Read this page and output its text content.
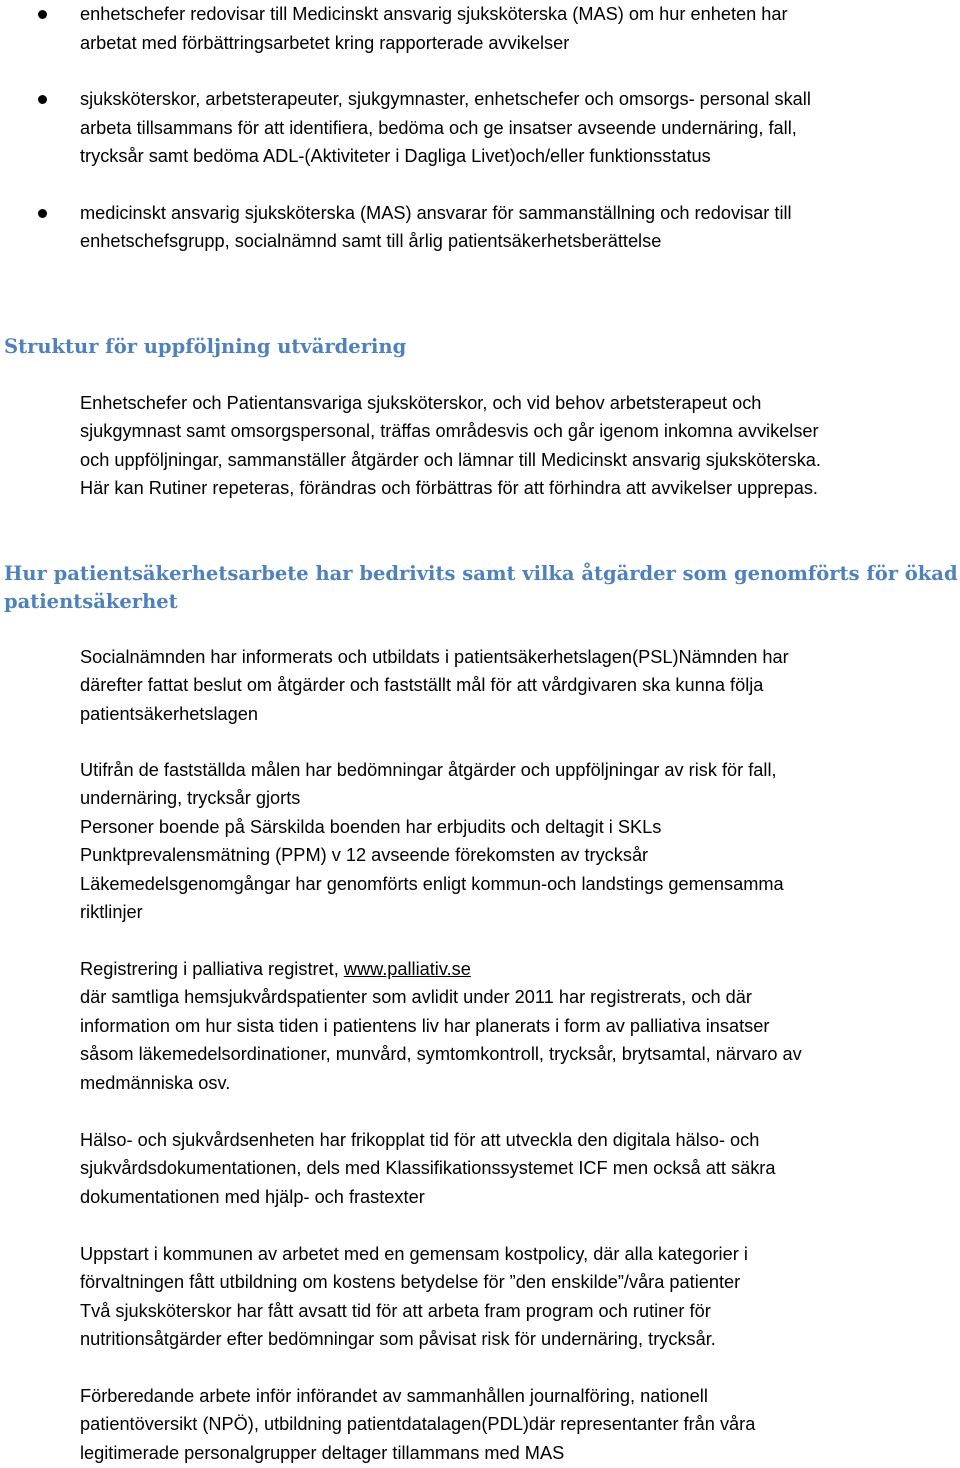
enhetschefer redovisar till Medicinskt ansvarig sjuksköterska (MAS) om hur enheten har
arbetat med förbättringsarbetet kring rapporterade avvikelser
sjuksköterskor, arbetsterapeuter, sjukgymnaster, enhetschefer och omsorgs- personal skall
arbeta tillsammans för att identifiera, bedöma och ge insatser avseende undernäring, fall,
trycksår samt bedöma ADL-(Aktiviteter i Dagliga Livet)och/eller funktionsstatus
medicinskt ansvarig sjuksköterska (MAS) ansvarar för sammanställning och redovisar till
enhetschefsgrupp, socialnämnd samt till årlig patientsäkerhetsberättelse
Struktur för uppföljning utvärdering

Enhetschefer och Patientansvariga sjuksköterskor, och vid behov arbetsterapeut och
sjukgymnast samt omsorgspersonal, träffas områdesvis och går igenom inkomna avvikelser
och uppföljningar, sammanställer åtgärder och lämnar till Medicinskt ansvarig sjuksköterska.
Här kan Rutiner repeteras, förändras och förbättras för att förhindra att avvikelser upprepas.

Hur patientsäkerhetsarbete har bedrivits samt vilka åtgärder som genomförts för ökad
patientsäkerhet

Socialnämnden har informerats och utbildats i patientsäkerhetslagen(PSL)Nämnden har
därefter fattat beslut om åtgärder och fastställt mål för att vårdgivaren ska kunna följa
patientsäkerhetslagen

Utifrån de fastställda målen har bedömningar åtgärder och uppföljningar av risk för fall,
undernäring, trycksår gjorts
Personer boende på Särskilda boenden har erbjudits och deltagit i SKLs
Punktprevalensmätning (PPM) v 12 avseende förekomsten av trycksår
Läkemedelsgenomgångar har genomförts enligt kommun-och landstings gemensamma
riktlinjer

Registrering i palliativa registret, www.palliativ.se
där samtliga hemsjukvårdspatienter som avlidit under 2011 har registrerats, och där
information om hur sista tiden i patientens liv har planerats i form av palliativa insatser
såsom läkemedelsordinationer, munvård, symtomkontroll, trycksår, brytsamtal, närvaro av
medmänniska osv.

Hälso- och sjukvårdsenheten har frikopplat tid för att utveckla den digitala hälso- och
sjukvårdsdokumentationen, dels med Klassifikationssystemet ICF men också att säkra
dokumentationen med hjälp- och frastexter

Uppstart i kommunen av arbetet med en gemensam kostpolicy, där alla kategorier i
förvaltningen fått utbildning om kostens betydelse för ”den enskilde”/våra patienter
Två sjuksköterskor har fått avsatt tid för att arbeta fram program och rutiner för
nutritionsåtgärder efter bedömningar som påvisat risk för undernäring, trycksår.

Förberedande arbete inför införandet av sammanhållen journalföring, nationell
patientöversikt (NPÖ), utbildning patientdatalagen(PDL)där representanter från våra
legitimerade personalgrupper deltager tillammans med MAS
